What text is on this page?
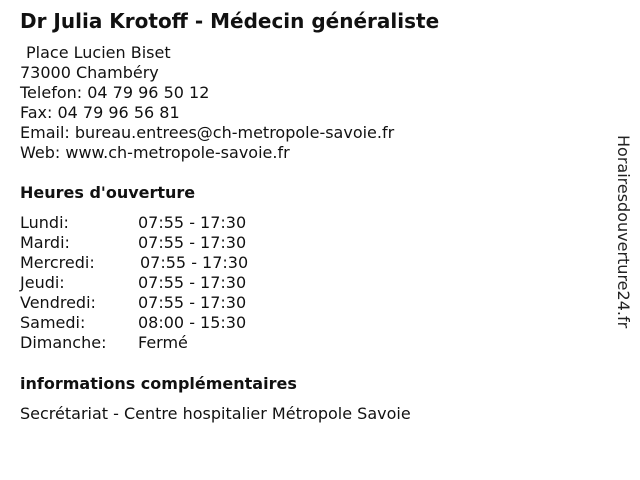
Dr Julia Krotoff - Médecin généraliste
Place Lucien Biset
73000 Chambéry
Telefon: 04 79 96 50 12
Fax: 04 79 96 56 81
Email: bureau.entrees@ch-metropole-savoie.fr
Web: www.ch-metropole-savoie.fr
Heures d'ouverture
Lundi:	07:55 - 17:30
Mardi:	07:55 - 17:30
Mercredi:	07:55 - 17:30
Jeudi:	07:55 - 17:30
Vendredi:	07:55 - 17:30
Samedi:	08:00 - 15:30
Dimanche: Fermé
informations complémentaires
Secrétariat - Centre hospitalier Métropole Savoie
Horairesdouverture24.fr
